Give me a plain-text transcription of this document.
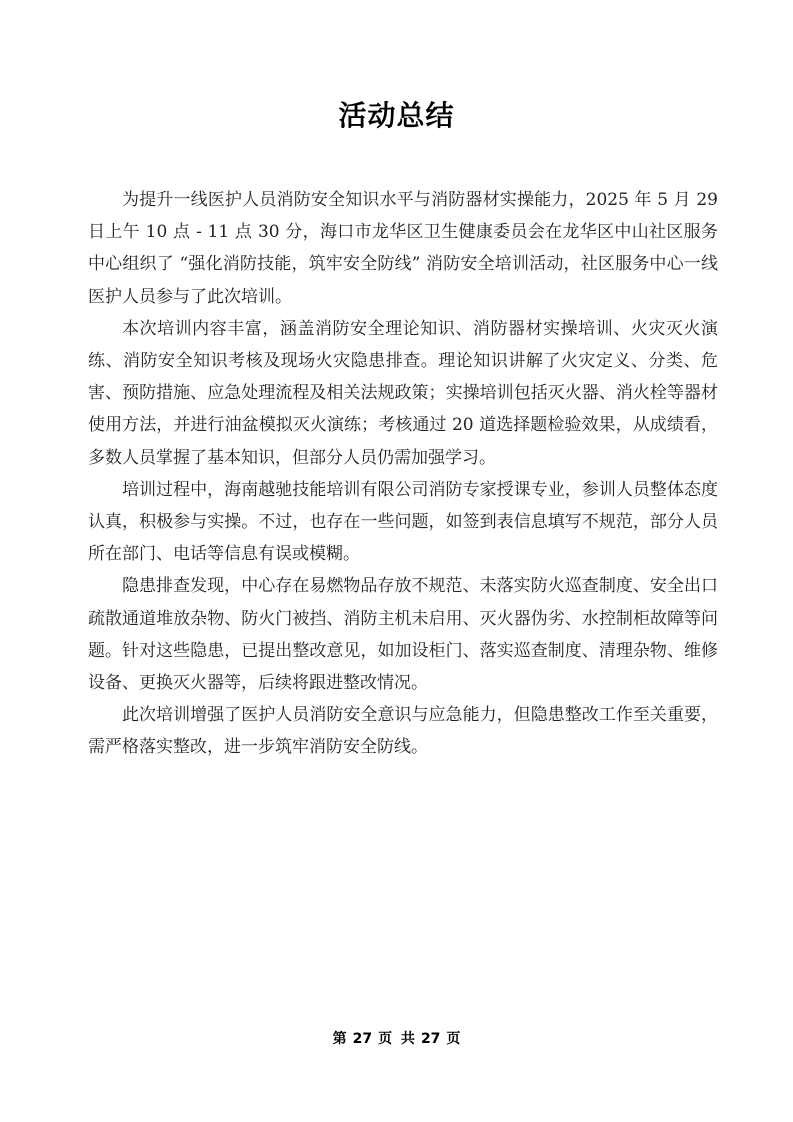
活动总结

为提升一线医护人员消防安全知识水平与消防器材实操能力，2025 年 5 月 29 日上午 10 点 - 11 点 30 分，海口市龙华区卫生健康委员会在龙华区中山社区服务中心组织了 “强化消防技能，筑牢安全防线” 消防安全培训活动，社区服务中心一线医护人员参与了此次培训。

本次培训内容丰富，涵盖消防安全理论知识、消防器材实操培训、火灾灭火演练、消防安全知识考核及现场火灾隐患排查。理论知识讲解了火灾定义、分类、危害、预防措施、应急处理流程及相关法规政策；实操培训包括灭火器、消火栓等器材使用方法，并进行油盆模拟灭火演练；考核通过 20 道选择题检验效果，从成绩看，多数人员掌握了基本知识，但部分人员仍需加强学习。

培训过程中，海南越驰技能培训有限公司消防专家授课专业，参训人员整体态度认真，积极参与实操。不过，也存在一些问题，如签到表信息填写不规范，部分人员所在部门、电话等信息有误或模糊。

隐患排查发现，中心存在易燃物品存放不规范、未落实防火巡查制度、安全出口疏散通道堆放杂物、防火门被挡、消防主机未启用、灭火器伪劣、水控制柜故障等问题。针对这些隐患，已提出整改意见，如加设柜门、落实巡查制度、清理杂物、维修设备、更换灭火器等，后续将跟进整改情况。

此次培训增强了医护人员消防安全意识与应急能力，但隐患整改工作至关重要，需严格落实整改，进一步筑牢消防安全防线。

第 27 页 共 27 页
